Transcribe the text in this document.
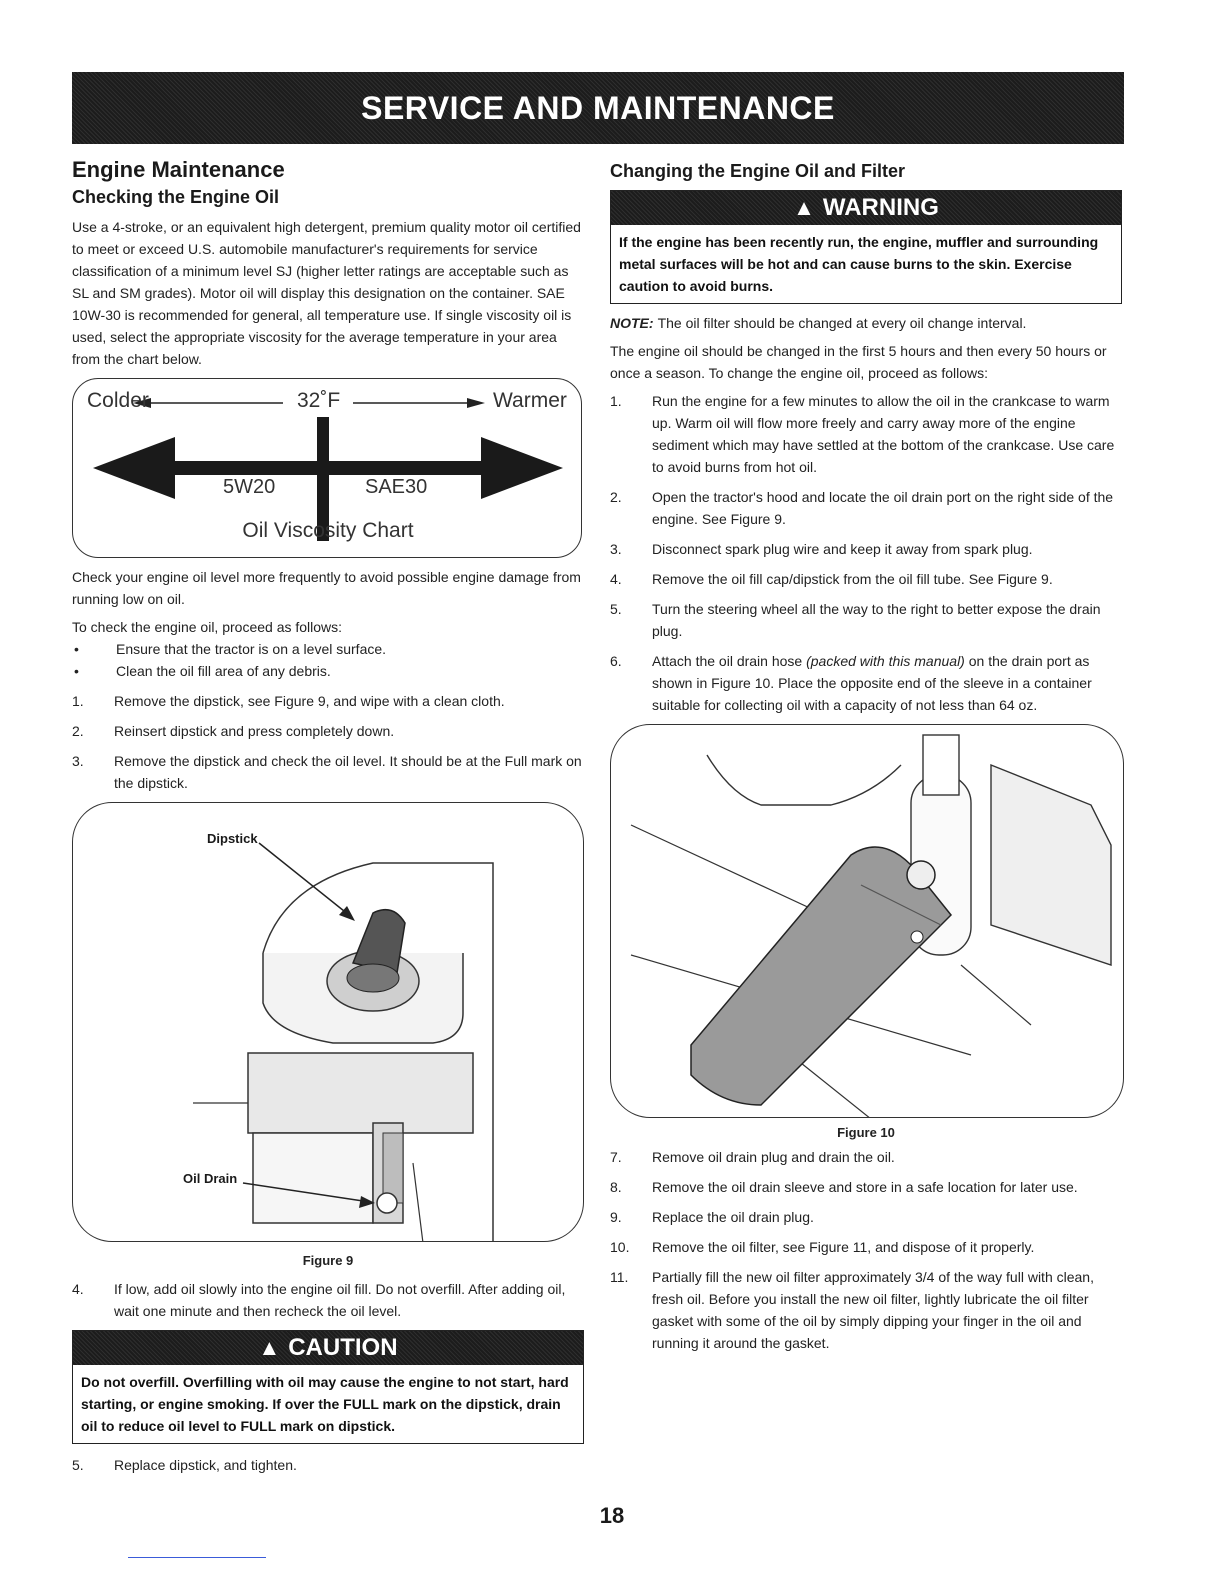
SERVICE AND MAINTENANCE
Engine Maintenance
Checking the Engine Oil

Use a 4-stroke, or an equivalent high detergent, premium quality motor oil certified to meet or exceed U.S. automobile manufacturer's requirements for service classification of a minimum level SJ (higher letter ratings are acceptable such as SL and SM grades). Motor oil will display this designation on the container. SAE 10W-30 is recommended for general, all temperature use. If single viscosity oil is used, select the appropriate viscosity for the average temperature in your area from the chart below.

Colder	32˚F	Warmer
5W20	SAE30
Oil Viscosity Chart

Check your engine oil level more frequently to avoid possible engine damage from running low on oil.

To check the engine oil, proceed as follows:

•	Ensure that the tractor is on a level surface.
•	Clean the oil fill area of any debris.
1.	Remove the dipstick, see Figure 9, and wipe with a clean cloth.
2.	Reinsert dipstick and press completely down.
3.	Remove the dipstick and check the oil level. It should be at the Full mark on the dipstick.
Dipstick
Oil Drain
Figure 9
4.	If low, add oil slowly into the engine oil fill. Do not overfill. After adding oil, wait one minute and then recheck the oil level.
▲ CAUTION
Do not overfill. Overfilling with oil may cause the engine to not start, hard starting, or engine smoking. If over the FULL mark on the dipstick, drain oil to reduce oil level to FULL mark on dipstick.
5.	Replace dipstick, and tighten.
Changing the Engine Oil and Filter
▲ WARNING
If the engine has been recently run, the engine, muffler and surrounding metal surfaces will be hot and can cause burns to the skin. Exercise caution to avoid burns.
NOTE: The oil filter should be changed at every oil change interval.

The engine oil should be changed in the first 5 hours and then every 50 hours or once a season. To change the engine oil, proceed as follows:

1.	Run the engine for a few minutes to allow the oil in the crankcase to warm up. Warm oil will flow more freely and carry away more of the engine sediment which may have settled at the bottom of the crankcase. Use care to avoid burns from hot oil.
2.	Open the tractor's hood and locate the oil drain port on the right side of the engine. See Figure 9.
3.	Disconnect spark plug wire and keep it away from spark plug.
4.	Remove the oil fill cap/dipstick from the oil fill tube. See Figure 9.
5.	Turn the steering wheel all the way to the right to better expose the drain plug.
6.	Attach the oil drain hose (packed with this manual) on the drain port as shown in Figure 10. Place the opposite end of the sleeve in a container suitable for collecting oil with a capacity of not less than 64 oz.
Figure 10
7.	Remove oil drain plug and drain the oil.
8.	Remove the oil drain sleeve and store in a safe location for later use.
9.	Replace the oil drain plug.
10.	Remove the oil filter, see Figure 11, and dispose of it properly.
11.	Partially fill the new oil filter approximately 3/4 of the way full with clean, fresh oil. Before you install the new oil filter, lightly lubricate the oil filter gasket with some of the oil by simply dipping your finger in the oil and running it around the gasket.
18
